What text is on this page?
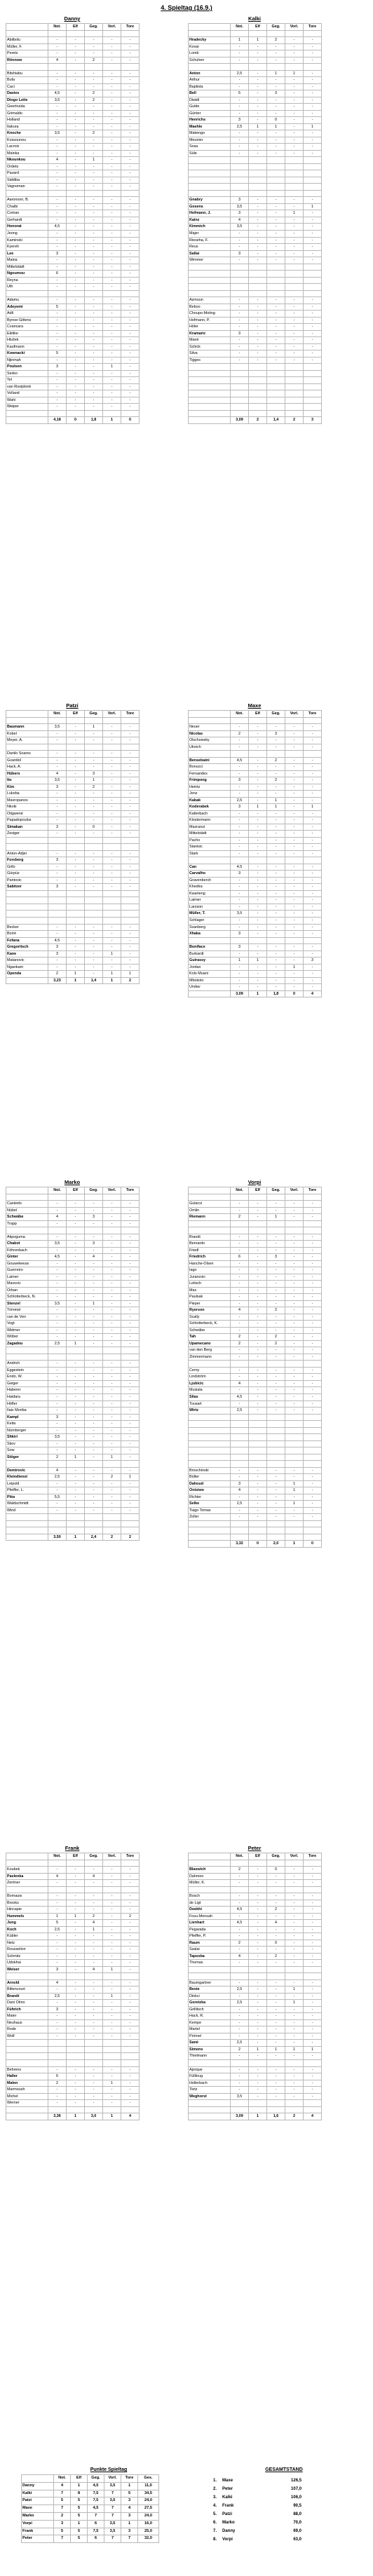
4. Spieltag (16.9.)
Danny
	Not.	Elf	Geg.	Vorl.	Tore

Abiibolu	-	-	-	-	-
Müller, F.	-	-	-	-	-
Peretz	-	-	-	-	-
Rönnow	4	-	2	-	-

Bitshiabu	-	-	-	-	-
Bufa	-	-	-	-	-
Caci	-	-	-	-	-
Davies	4,5	-	2	-	-
Diogo Leite	3,5	-	2	-	-
Geertruida	-	-	-	-	-
Grimaldo	-	-	-	-	-
Holland	-	-	-	-	-
Itakura	-	-	-	-	-
Knoche	3,5	-	2	-	-
Kossounou	-	-	-	-	-
Lacroix	-	-	-	-	-
Mainka	-	-	-	-	-
Nkounkou	4	-	1	-	-
Ordets	-	-	-	-	-
Pavard	-	-	-	-	-
Siddiba	-	-	-	-	-
Vagnoman	-	-	-	-	-

Aaronson, B.	-	-	-	-	-
Chaibi	-	-	-	-	-
Coman	-	-	-	-	-
Gerhardt	-	-	-	-	-
Honorat	4,5	-	-	-	-
Jeong	-	-	-	-	-
Kaminski	-	-	-	-	-
Kyereh	-	-	-	-	-
Lee	3	-	-	-	-
Maina	-	-	-	-	-
Mittelstädt	-	-	-	-	-
Ngoumou	6	-	-	-	-
Reyna	-	-	-	-	-
Uth	-	-	-	-	-

Adamu	-	-	-	-	-
Adeyemi	5	-	-	-	-
Adli	-	-	-	-	-
Bynoe-Gittens	-	-	-	-	-
Cvancara	-	-	-	-	-
Ekitike	-	-	-	-	-
Hložek	-	-	-	-	-
Kaufmann	-	-	-	-	-
Kownacki	5	-	-	-	-
Njinmah	-	-	-	-	-
Poulsen	3	-	-	1	-
Sesko	-	-	-	-	-
Tel	-	-	-	-	-
van Rooijdonk	-	-	-	-	-
Volland	-	-	-	-	-
Wahi	-	-	-	-	-
Weiper	-	-	-	-	-

	4,18	0	1,8	1	0
Kalki
	Not.	Elf	Geg.	Vorl.	Tore

Hradecky	1	1	2	-	-
Kovar	-	-	-	-	-
Lomb	-	-	-	-	-
Schuhen	-	-	-	-	-

Anton	2,5	-	1	1	-
Arthur	-	-	-	-	-
Baptista	-	-	-	-	-
Bell	5	-	3	-	-
Diwidi	-	-	-	-	-
Gulde	-	-	-	-	-
Günter	-	-	-	-	-
Henrichs	3	-	0	-	-
Maehle	2,5	1	1	-	1
Makengo	-	-	-	-	-
Meunier	-	-	-	-	-
Sosa	-	-	-	-	-
Süle	-	-	-	-	-

Gnabry	3	-	-	-	-
Gosens	3,5	-	-	-	1
Hofmann, J.	3	-	-	1	-
Kainz	4	-	-	-	-
Kimmich	3,5	-	-	-	-
Majer	-	-	-	-	-
Rieseha, F.	-	-	-	-	-
Reus	-	-	-	-	-
Sallai	3	-	-	-	-
Wimmer	-	-	-	-	-

Azmoun	-	-	-	-	-
Beboo	-	-	-	-	-
Choupo-Moting	-	-	-	-	-
Hofmann, P.	-	-	-	-	-
Höler	-	-	-	-	-
Kramaric	3	-	-	-	-
Mané	-	-	-	-	-
Schick	-	-	-	-	-
Silva	-	-	-	-	-
Tigges	-	-	-	-	-

	3,09	2	1,4	2	3
Patzi
	Not.	Elf	Geg.	Vorl.	Tore

Baumann	3,5	-	1	-	-
Kobel	-	-	-	-	-
Meyer, A.	-	-	-	-	-

Danilo Soares	-	-	-	-	-
Gvardiol	-	-	-	-	-
Hack, A.	-	-	-	-	-
Hübers	4	-	3	-	-
Ito	3,5	-	1	-	-
Kim	3	-	2	-	-
Lukeba	-	-	-	-	-
Mavropanos	-	-	-	-	-
Nkoki	-	-	-	-	-
Otigwené	-	-	-	-	-
Papadopoulos	-	-	-	-	-
Simakan	3	-	0	-	-
Zesiger	-	-	-	-	-

Anton-Adjei	-	-	-	-	-
Forsberg	3	-	-	-	-
Grifo	-	-	-	-	-
Gürpüz	-	-	-	-	-
Pantovic	-	-	-	-	-
Sabitzer	3	-	-	-	-

Becker	-	-	-	-	-
Borré	-	-	-	-	-
Fofana	4,5	-	-	-	-
Gregoritsch	3	-	-	-	-
Kane	3	-	-	1	-
Matanovic	-	-	-	-	-
Ngankam	-	-	-	-	-
Openda	2	1	-	1	1
	3,23	1	1,4	1	2
Maxe
	Not.	Elf	Geg.	Vorl.	Tore

Neuer	-	-	-	-	-
Nicolas	2	-	3	-	-
Olschowsky	-	-	-	-	-
Ulreich	-	-	-	-	-

Bensebaini	4,5	-	2	-	-
Bonucci	-	-	-	-	-
Fernandes	-	-	-	-	-
Frimpong	3	-	2	-	-
Heintz	-	-	-	-	-
Jenz	-	-	-	-	-
Kabak	2,5	-	1	-	-
Koderabek	3	1	1	-	1
Katterbach	-	-	-	-	-
Klostermann	-	-	-	-	-
Mazraoui	-	-	-	-	-
Mittelstädt	-	-	-	-	-
Pacho	-	-	-	-	-
Stanisic	-	-	-	-	-
Stark	-	-	-	-	-

Can	4,5	-	-	-	-
Carvalho	3	-	-	-	-
Gravenberch	-	-	-	-	-
Khedira	-	-	-	-	-
Kwarteng	-	-	-	-	-
Laimer	-	-	-	-	-
Larsson	-	-	-	-	-
Müller, T.	3,5	-	-	-	-
Schlager	-	-	-	-	-
Svanberg	-	-	-	-	-
Xhaka	3	-	-	-	-

Boniface	3	-	-	-	-
Burkardt	-	-	-	-	-
Guirassy	1	1	-	-	3
Jordan	-	-	-	1	-
Kolo Muani	-	-	-	-	-
Mbokolo	-	-	-	-	-
Undav	-	-	-	-	-
	3,09	1	1,8	0	4
Marko
	Not.	Elf	Geg.	Vorl.	Tore

Casteels	-	-	-	-	-
Nübel	-	-	-	-	-
Schwäbe	4	-	3	-	-
Trapp	-	-	-	-	-

Akpoguma	-	-	-	-	-
Chabot	3,5	-	3	-	-
Föhrenbach	-	-	-	-	-
Ginter	4,5	-	4	-	-
Gouweleeuw	-	-	-	-	-
Guerreiro	-	-	-	-	-
Laimer	-	-	-	-	-
Mavovic	-	-	-	-	-
Orban	-	-	-	-	-
Schlotterbeck, N.	-	-	-	-	-
Stenzel	3,5	-	1	-	-
Trimmel	-	-	-	-	-
van de Ven	-	-	-	-	-
Vogt	-	-	-	-	-
Widmer	-	-	-	-	-
Wöber	-	-	-	-	-
Zagadou	2,5	1	-	-	-

Andrich	-	-	-	-	-
Eggestein	-	-	-	-	-
Endo, W.	-	-	-	-	-
Geiger	-	-	-	-	-
Haberer	-	-	-	-	-
Haidara	-	-	-	-	-
Höfler	-	-	-	-	-
Ilaix Moriba	-	-	-	-	-
Kampl	3	-	-	-	-
Keita	-	-	-	-	-
Nürnberger	-	-	-	-	-
Shkiri	3,5	-	-	-	-
Skov	-	-	-	-	-
Sow	-	-	-	-	-
Stöger	2	1	-	1	-

Demirovic	4	-	-	-	-
Kleindienst	2,5	-	-	2	1
Leipold	-	-	-	-	-
Pfeiffer, L.	-	-	-	-	-
Pléa	5,5	-	-	-	-
Waldschmidt	-	-	-	-	-
Wind	-	-	-	-	-

	3,50	1	2,4	2	2
Vorpi
	Not.	Elf	Geg.	Vorl.	Tore

Gulacsi	-	-	-	-	-
Omlin	-	-	-	-	-
Riemann	2	-	1	-	-

Brandt	-	-	-	-	-
Bernardo	-	-	-	-	-
Friedl	-	-	-	-	-
Friedrich	6	-	3	-	-
Hanche-Olsen	-	-	-	-	-
Iago	-	-	-	-	-
Juranovic	-	-	-	-	-
Leitsch	-	-	-	-	-
Max	-	-	-	-	-
Paulsak	-	-	-	-	-
Pieper	-	-	-	-	-
Ryerson	4	-	2	-	-
Scally	-	-	-	-	-
Schlotterbeck, K.	-	-	-	-	-
Schwäbe	-	-	-	-	-
Tah	2	-	2	-	-
Upamecano	2	-	2	-	-
van den Berg	-	-	-	-	-
Zimmermann	-	-	-	-	-

Cerny	-	-	-	-	-
Lindström	-	-	-	-	-
Ljubicic	4	-	-	-	-
Musiala	-	-	-	-	-
Silas	4,5	-	-	-	-
Tousart	-	-	-	-	-
Wirtz	2,5	-	-	-	-

Broschinski	-	-	-	-	-
Bülter	-	-	-	-	-
Dahoud	3	-	-	1	-
Onisiwo	4	-	-	1	-
Richter	-	-	-	-	-
Selke	2,5	-	-	1	-
Tiago Tomas	-	-	-	-	-
Zoller	-	-	-	-	-

	3,32	0	2,0	1	0
Frank
	Not.	Elf	Geg.	Vorl.	Tore

Koubek	-	-	-	-	-
Pavlenka	4	-	4	-	-
Zentner	-	-	-	-	-

Bornauw	-	-	-	-	-
Brooks	-	-	-	-	-
Hincapie	-	-	-	-	-
Hummels	1	1	2	-	2
Jung	5	-	4	-	-
Koch	2,5	-	1	-	-
Kübler	-	-	-	-	-
Netz	-	-	-	-	-
Rousselion	-	-	-	-	-
Schmitz	-	-	-	-	-
Udokhai	-	-	-	-	-
Weiser	3	-	4	1	-

Arnold	4	-	-	-	-
Bittencourt	-	-	-	-	-
Brandt	2,5	-	-	1	-
Dani Olmo	-	-	-	-	-
Führich	3	-	-	-	-
Maier	-	-	-	-	-
Neuhaus	-	-	-	-	-
Rode	-	-	-	-	-
Wolf	-	-	-	-	-

Behrens	-	-	-	-	-
Haller	6	-	-	-	-
Malen	2	-	-	1	-
Marmoush	-	-	-	-	-
Michel	-	-	-	-	-
Werner	-	-	-	-	-

	3,36	1	3,0	1	4
Peter
	Not.	Elf	Geg.	Vorl.	Tore

Blaswich	2	-	0	-	-
Dahmen	-	-	-	-	-
Müller, K.	-	-	-	-	-

Bosch	-	-	-	-	-
de Ligt	-	-	-	-	-
Doekhi	4,5	-	2	-	-
Fosu-Mensah	-	-	-	-	-
Lienhart	4,5	-	4	-	-
Pegarada	-	-	-	-	-
Pfeiffer, P.	-	-	-	-	-
Raum	2	-	0	-	-
Szalai	-	-	-	-	-
Tapsoba	4	-	2	-	-
Thomas	-	-	-	-	-

Baumgartner	-	-	-	-	-
Beste	2,5	-	-	1	-
Dinkci	-	-	-	-	-
Goretzka	2,5	-	-	1	-
Grillitsch	-	-	-	-	-
Hack, R.	-	-	-	-	-
Kempe	-	-	-	-	-
Martel	-	-	-	-	-
Prömel	-	-	-	-	-
Sané	2,5	-	-	-	-
Simons	2	1	1	1	1
Thielmann	-	-	-	-	-

Ajorque	-	-	-	-	-
Füllkrug	-	-	-	-	-
Hollerbach	-	-	-	-	-
Tietz	-	-	-	-	-
Weghorst	3,5	-	-	-	-

	3,09	1	1,6	2	4
Punkte Spieltag
	Not.	Elf	Geg.	Vorl.	Tore	Ges.
Danny	4	1	4,5	3,5	1	11,0
Kalki	7	8	7,5	7	5	34,5
Patzi	5	5	7,5	3,5	3	24,0
Maxe	7	5	4,5	7	4	27,5
Marko	2	5	7	7	3	24,0
Vorpi	3	1	6	3,5	1	16,0
Frank	5	5	7,5	3,5	3	25,0
Peter	7	5	6	7	7	32,0
GESAMTSTAND
1.	Maxe	126,5
2.	Peter	107,0
3.	Kalki	106,0
4.	Frank	90,5
5.	Patzi	88,0
6.	Marko	70,0
7.	Danny	69,0
8.	Vorpi	63,0
